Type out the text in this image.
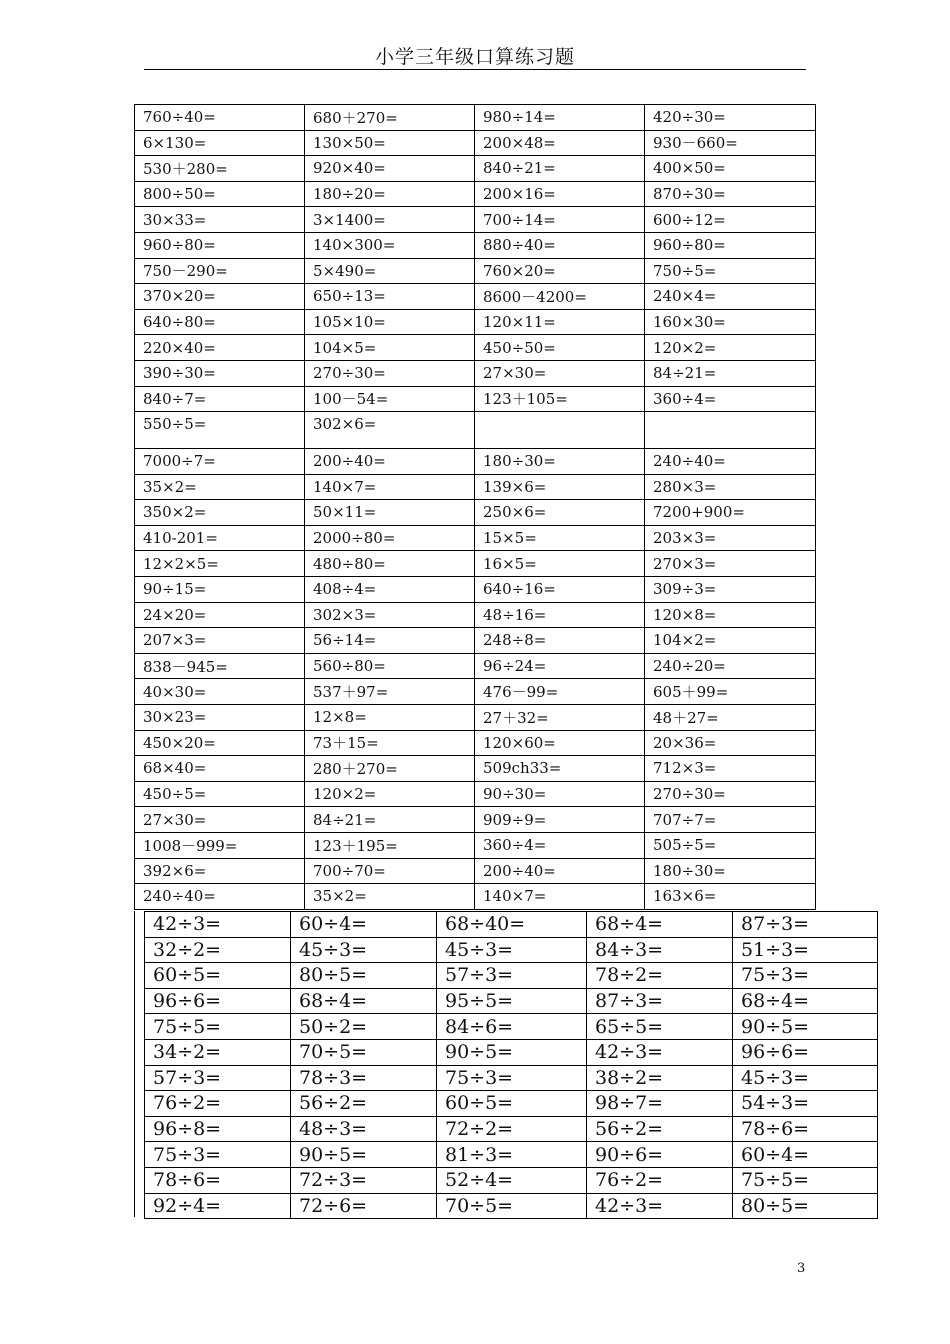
小学三年级口算练习题
760÷40=	680＋270=	980÷14=	420÷30=
6×130=	130×50=	200×48=	930－660=
530＋280=	920×40=	840÷21=	400×50=
800÷50=	180÷20=	200×16=	870÷30=
30×33=	3×1400=	700÷14=	600÷12=
960÷80=	140×300=	880÷40=	960÷80=
750－290=	5×490=	760×20=	750÷5=
370×20=	650÷13=	8600－4200=	240×4=
640÷80=	105×10=	120×11=	160×30=
220×40=	104×5=	450÷50=	120×2=
390÷30=	270÷30=	27×30=	84÷21=
840÷7=	100－54=	123＋105=	360÷4=
550÷5=	302×6=		
7000÷7=	200÷40=	180÷30=	240÷40=
35×2=	140×7=	139×6=	280×3=
350×2=	50×11=	250×6=	7200+900=
410-201=	2000÷80=	15×5=	203×3=
12×2×5=	480÷80=	16×5=	270×3=
90÷15=	408÷4=	640÷16=	309÷3=
24×20=	302×3=	48÷16=	120×8=
207×3=	56÷14=	248÷8=	104×2=
838－945=	560÷80=	96÷24=	240÷20=
40×30=	537＋97=	476－99=	605＋99=
30×23=	12×8=	27＋32=	48＋27=
450×20=	73＋15=	120×60=	20×36=
68×40=	280＋270=	509ch33=	712×3=
450÷5=	120×2=	90÷30=	270÷30=
27×30=	84÷21=	909÷9=	707÷7=
1008－999=	123＋195=	360÷4=	505÷5=
392×6=	700÷70=	200÷40=	180÷30=
240÷40=	35×2=	140×7=	163×6=
42÷3=	60÷4=	68÷40=	68÷4=	87÷3=
32÷2=	45÷3=	45÷3=	84÷3=	51÷3=
60÷5=	80÷5=	57÷3=	78÷2=	75÷3=
96÷6=	68÷4=	95÷5=	87÷3=	68÷4=
75÷5=	50÷2=	84÷6=	65÷5=	90÷5=
34÷2=	70÷5=	90÷5=	42÷3=	96÷6=
57÷3=	78÷3=	75÷3=	38÷2=	45÷3=
76÷2=	56÷2=	60÷5=	98÷7=	54÷3=
96÷8=	48÷3=	72÷2=	56÷2=	78÷6=
75÷3=	90÷5=	81÷3=	90÷6=	60÷4=
78÷6=	72÷3=	52÷4=	76÷2=	75÷5=
92÷4=	72÷6=	70÷5=	42÷3=	80÷5=
3
